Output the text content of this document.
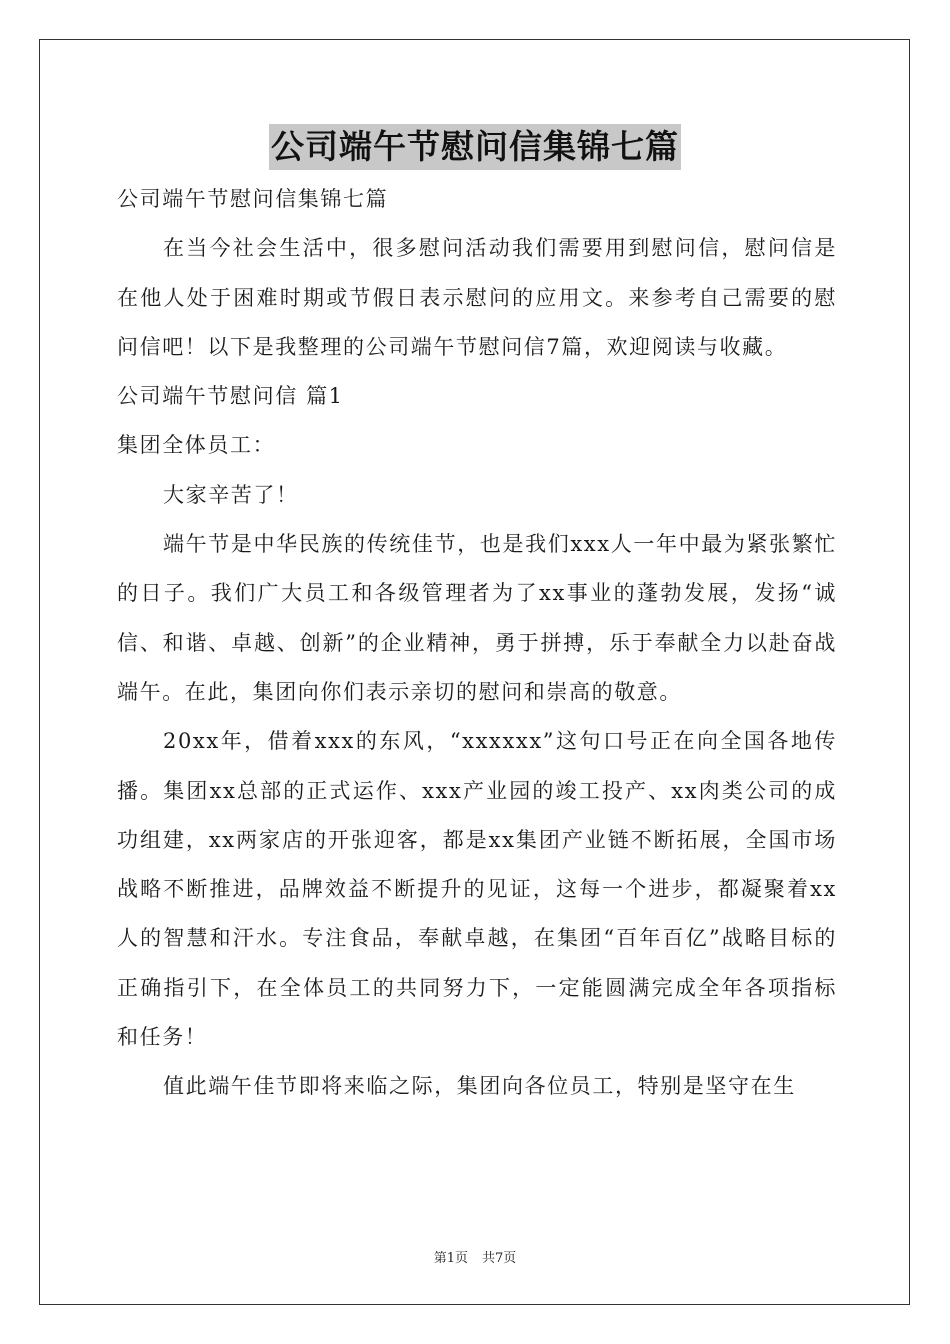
公司端午节慰问信集锦七篇

公司端午节慰问信集锦七篇

在当今社会生活中，很多慰问活动我们需要用到慰问信，慰问信是在他人处于困难时期或节假日表示慰问的应用文。来参考自己需要的慰问信吧！以下是我整理的公司端午节慰问信7篇，欢迎阅读与收藏。

公司端午节慰问信 篇1

集团全体员工：

大家辛苦了！

端午节是中华民族的传统佳节，也是我们xxx人一年中最为紧张繁忙的日子。我们广大员工和各级管理者为了xx事业的蓬勃发展，发扬“诚信、和谐、卓越、创新”的企业精神，勇于拼搏，乐于奉献全力以赴奋战端午。在此，集团向你们表示亲切的慰问和崇高的敬意。

20xx年，借着xxx的东风，“xxxxxx”这句口号正在向全国各地传播。集团xx总部的正式运作、xxx产业园的竣工投产、xx肉类公司的成功组建，xx两家店的开张迎客，都是xx集团产业链不断拓展，全国市场战略不断推进，品牌效益不断提升的见证，这每一个进步，都凝聚着xx人的智慧和汗水。专注食品，奉献卓越，在集团“百年百亿”战略目标的正确指引下，在全体员工的共同努力下，一定能圆满完成全年各项指标和任务！

值此端午佳节即将来临之际，集团向各位员工，特别是坚守在生

第1页 共7页
